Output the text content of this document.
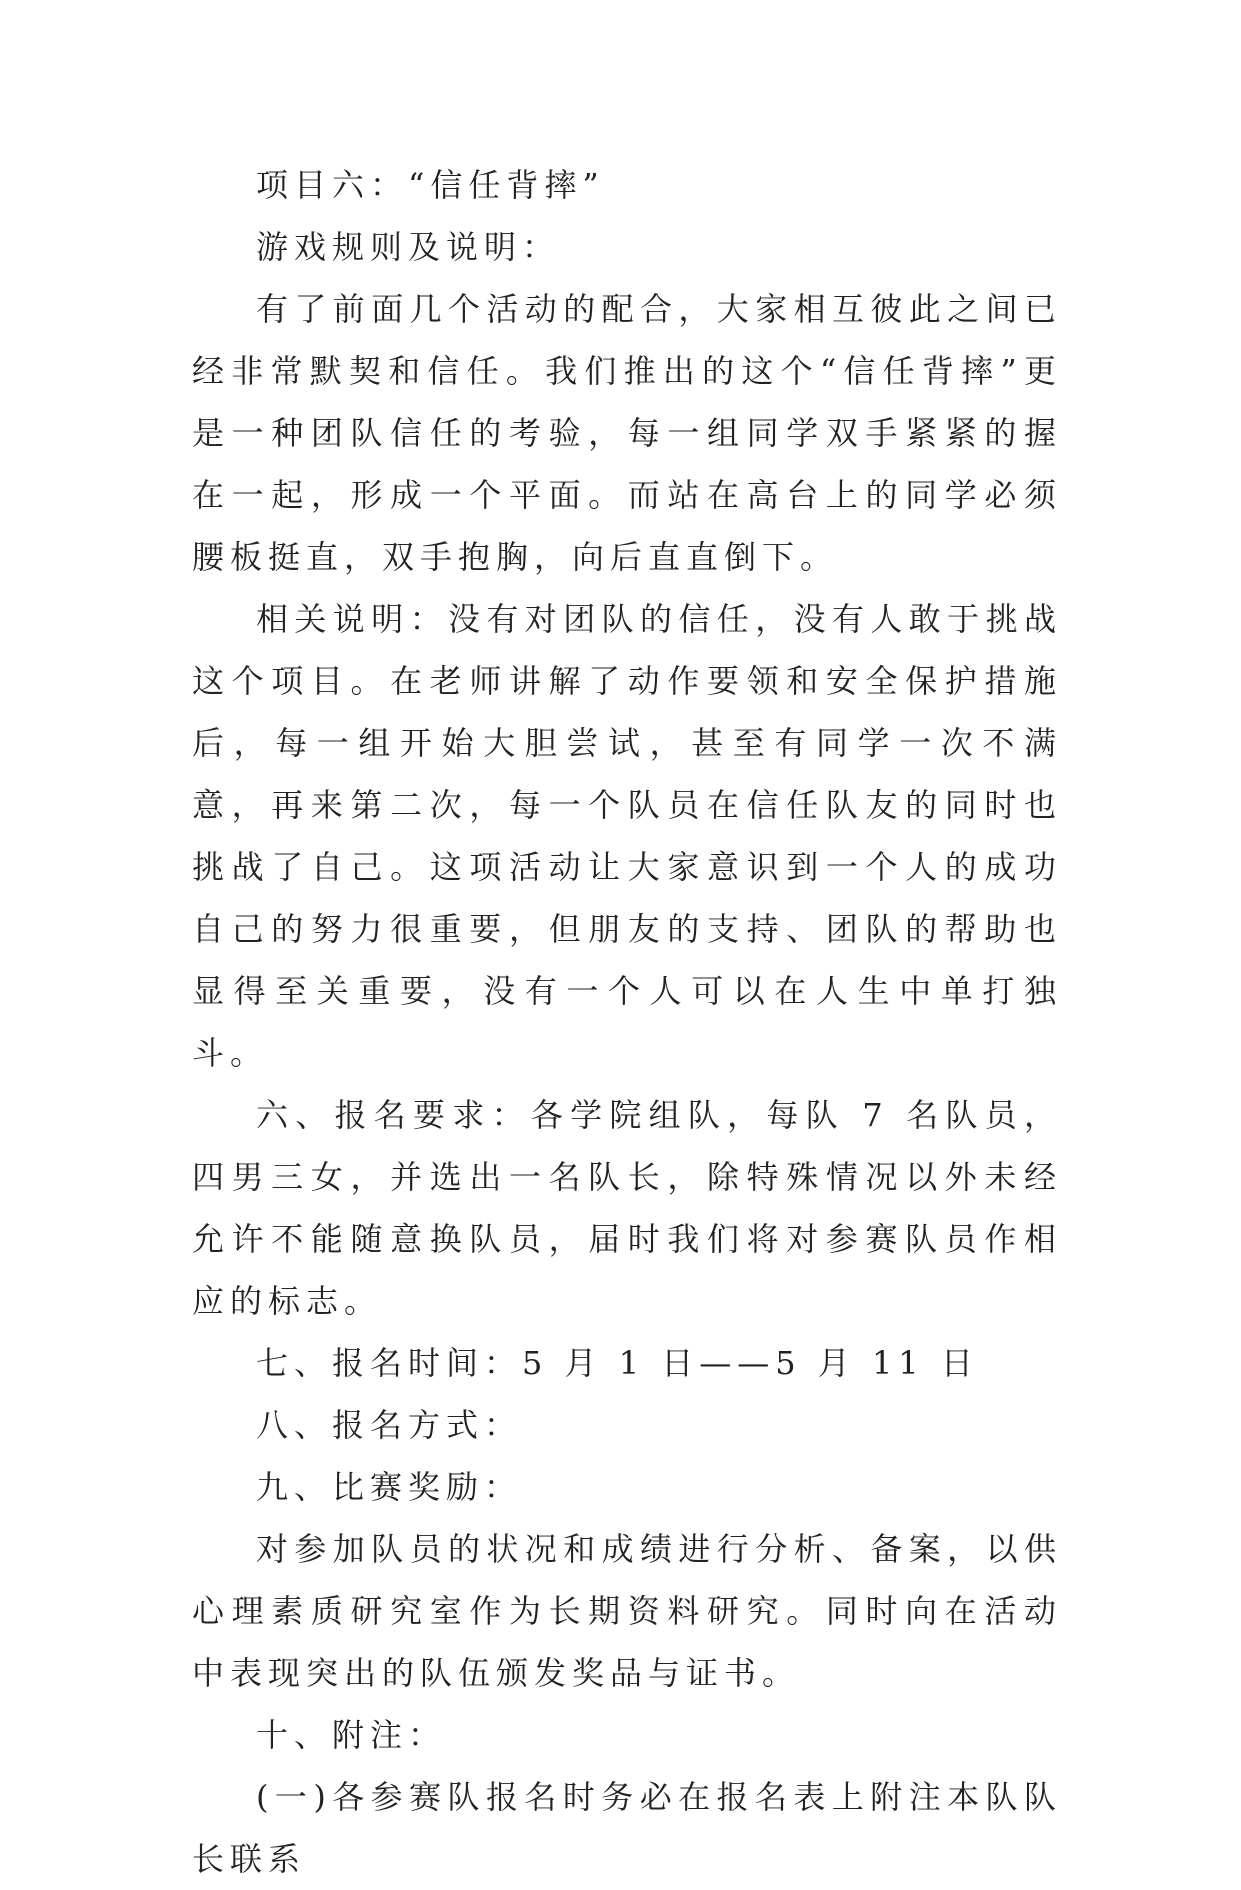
项目六：“信任背摔”

游戏规则及说明：

有了前面几个活动的配合，大家相互彼此之间已经非常默契和信任。我们推出的这个“信任背摔”更是一种团队信任的考验，每一组同学双手紧紧的握在一起，形成一个平面。而站在高台上的同学必须腰板挺直，双手抱胸，向后直直倒下。

相关说明：没有对团队的信任，没有人敢于挑战这个项目。在老师讲解了动作要领和安全保护措施后，每一组开始大胆尝试，甚至有同学一次不满意，再来第二次，每一个队员在信任队友的同时也挑战了自己。这项活动让大家意识到一个人的成功自己的努力很重要，但朋友的支持、团队的帮助也显得至关重要，没有一个人可以在人生中单打独斗。

六、报名要求：各学院组队，每队 7 名队员，四男三女，并选出一名队长，除特殊情况以外未经允许不能随意换队员，届时我们将对参赛队员作相应的标志。

七、报名时间：5 月 1 日——5 月 11 日

八、报名方式：

九、比赛奖励：

对参加队员的状况和成绩进行分析、备案，以供心理素质研究室作为长期资料研究。同时向在活动中表现突出的队伍颁发奖品与证书。

十、附注：

(一)各参赛队报名时务必在报名表上附注本队队长联系
